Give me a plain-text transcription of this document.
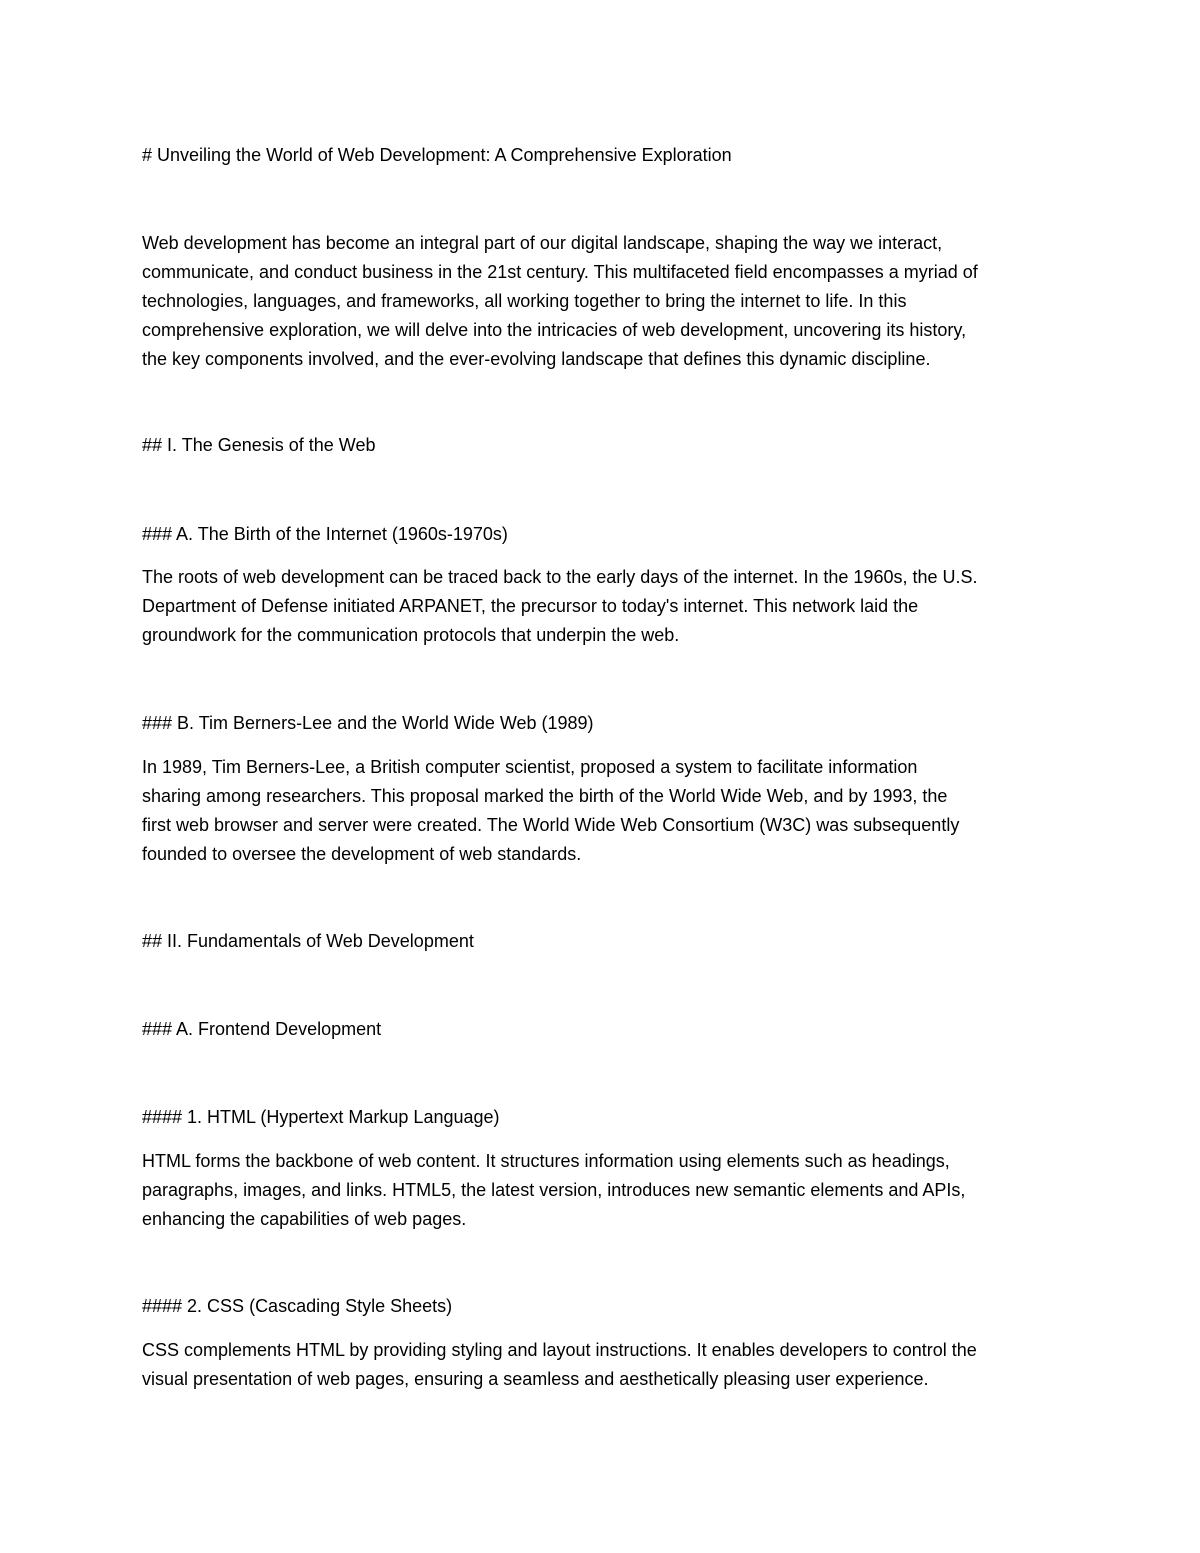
# Unveiling the World of Web Development: A Comprehensive Exploration
Web development has become an integral part of our digital landscape, shaping the way we interact,
communicate, and conduct business in the 21st century. This multifaceted field encompasses a myriad of
technologies, languages, and frameworks, all working together to bring the internet to life. In this
comprehensive exploration, we will delve into the intricacies of web development, uncovering its history,
the key components involved, and the ever-evolving landscape that defines this dynamic discipline.
## I. The Genesis of the Web
### A. The Birth of the Internet (1960s-1970s)
The roots of web development can be traced back to the early days of the internet. In the 1960s, the U.S.
Department of Defense initiated ARPANET, the precursor to today's internet. This network laid the
groundwork for the communication protocols that underpin the web.
### B. Tim Berners-Lee and the World Wide Web (1989)
In 1989, Tim Berners-Lee, a British computer scientist, proposed a system to facilitate information
sharing among researchers. This proposal marked the birth of the World Wide Web, and by 1993, the
first web browser and server were created. The World Wide Web Consortium (W3C) was subsequently
founded to oversee the development of web standards.
## II. Fundamentals of Web Development
### A. Frontend Development
#### 1. HTML (Hypertext Markup Language)
HTML forms the backbone of web content. It structures information using elements such as headings,
paragraphs, images, and links. HTML5, the latest version, introduces new semantic elements and APIs,
enhancing the capabilities of web pages.
#### 2. CSS (Cascading Style Sheets)
CSS complements HTML by providing styling and layout instructions. It enables developers to control the
visual presentation of web pages, ensuring a seamless and aesthetically pleasing user experience.
